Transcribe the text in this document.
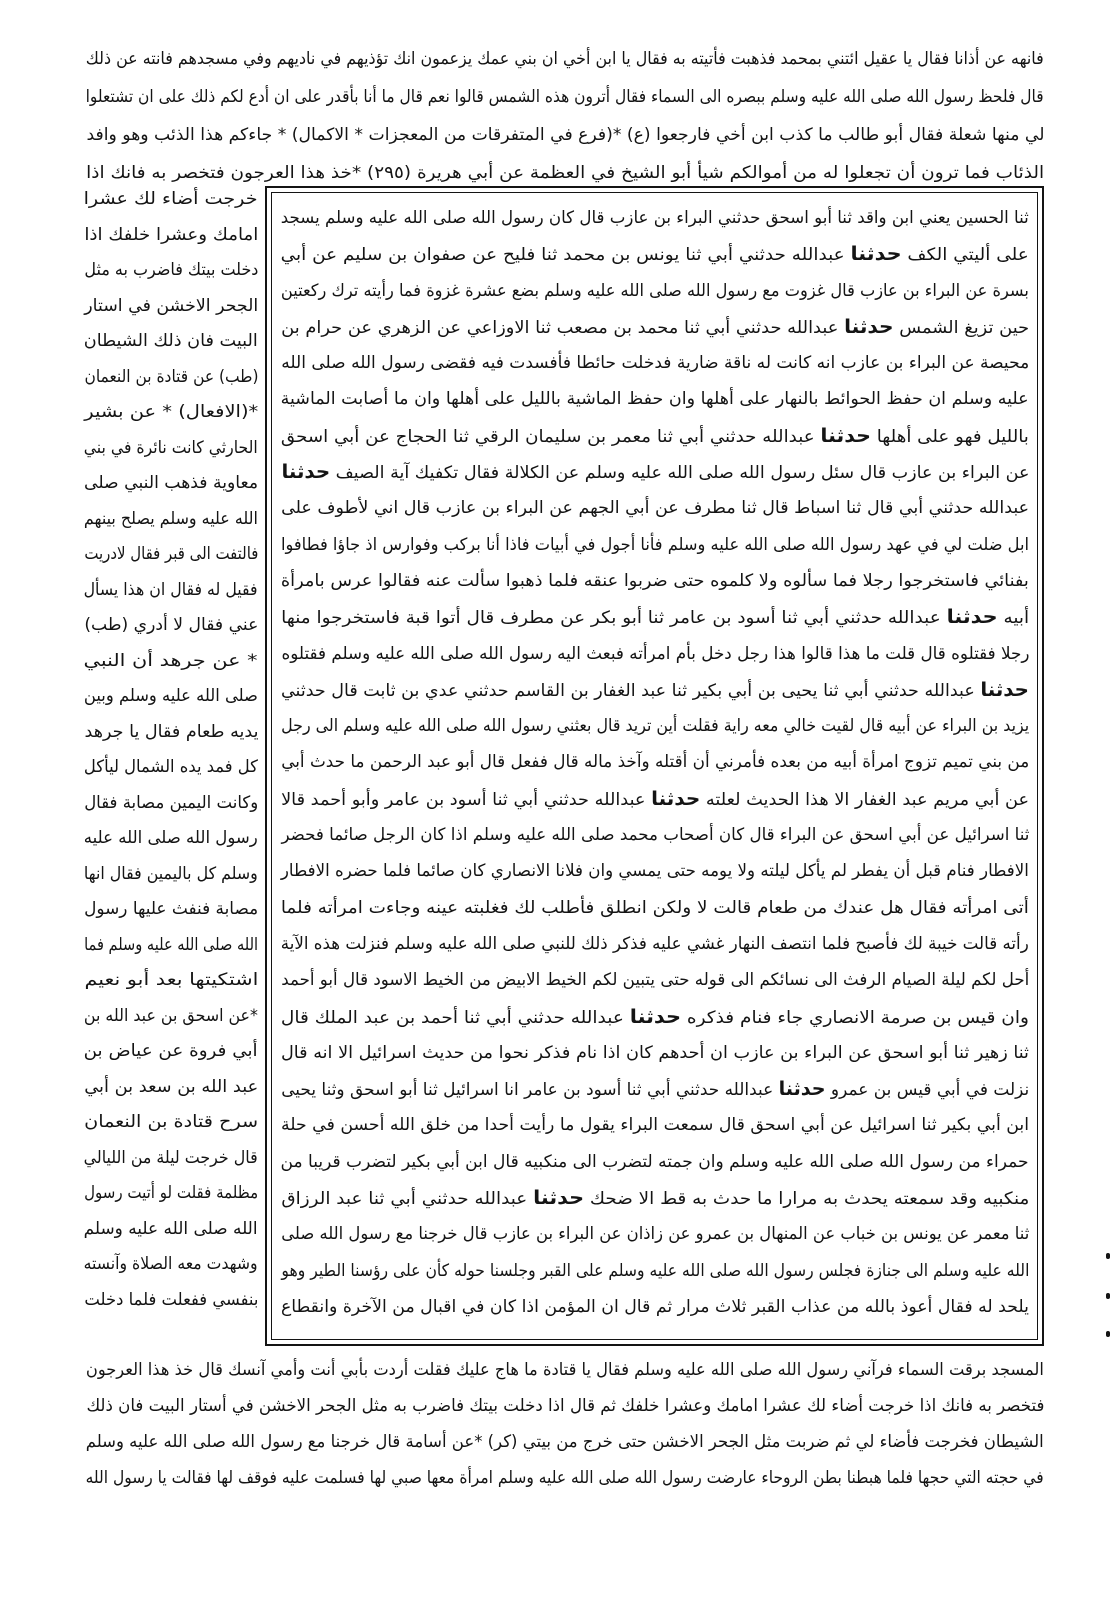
فانهه عن أذانا فقال يا عقيل ائتني بمحمد فذهبت فأتيته به فقال يا ابن أخي ان بني عمك يزعمون انك تؤذيهم في ناديهم وفي مسجدهم فانته عن ذلك
قال فلحظ رسول الله صلى الله عليه وسلم ببصره الى السماء فقال أترون هذه الشمس قالوا نعم قال ما أنا بأقدر على ان أدع لكم ذلك على ان تشتعلوا
لي منها شعلة فقال أبو طالب ما كذب ابن أخي فارجعوا (ع) *(فرع في المتفرقات من المعجزات * الاكمال) * جاءكم هذا الذئب وهو وافد
الذئاب فما ترون أن تجعلوا له من أموالكم شيأ أبو الشيخ في العظمة عن أبي هريرة (٢٩٥) *خذ هذا العرجون فتخصر به فانك اذا
ثنا الحسين يعني ابن واقد ثنا أبو اسحق حدثني البراء بن عازب قال كان رسول الله صلى الله عليه وسلم يسجد
على أليتي الكف حدثنا عبدالله حدثني أبي ثنا يونس بن محمد ثنا فليح عن صفوان بن سليم عن أبي
بسرة عن البراء بن عازب قال غزوت مع رسول الله صلى الله عليه وسلم بضع عشرة غزوة فما رأيته ترك ركعتين
حين تزيغ الشمس حدثنا عبدالله حدثني أبي ثنا محمد بن مصعب ثنا الاوزاعي عن الزهري عن حرام بن
محيصة عن البراء بن عازب انه كانت له ناقة ضارية فدخلت حائطا فأفسدت فيه فقضى رسول الله صلى الله
عليه وسلم ان حفظ الحوائط بالنهار على أهلها وان حفظ الماشية بالليل على أهلها وان ما أصابت الماشية
بالليل فهو على أهلها حدثنا عبدالله حدثني أبي ثنا معمر بن سليمان الرقي ثنا الحجاج عن أبي اسحق
عن البراء بن عازب قال سئل رسول الله صلى الله عليه وسلم عن الكلالة فقال تكفيك آية الصيف حدثنا
عبدالله حدثني أبي قال ثنا اسباط قال ثنا مطرف عن أبي الجهم عن البراء بن عازب قال اني لأطوف على
ابل ضلت لي في عهد رسول الله صلى الله عليه وسلم فأنا أجول في أبيات فاذا أنا بركب وفوارس اذ جاؤا فطافوا
بفنائي فاستخرجوا رجلا فما سألوه ولا كلموه حتى ضربوا عنقه فلما ذهبوا سألت عنه فقالوا عرس بامرأة
أبيه حدثنا عبدالله حدثني أبي ثنا أسود بن عامر ثنا أبو بكر عن مطرف قال أتوا قبة فاستخرجوا منها
رجلا فقتلوه قال قلت ما هذا قالوا هذا رجل دخل بأم امرأته فبعث اليه رسول الله صلى الله عليه وسلم فقتلوه
حدثنا عبدالله حدثني أبي ثنا يحيى بن أبي بكير ثنا عبد الغفار بن القاسم حدثني عدي بن ثابت قال حدثني
يزيد بن البراء عن أبيه قال لقيت خالي معه راية فقلت أين تريد قال بعثني رسول الله صلى الله عليه وسلم الى رجل
من بني تميم تزوج امرأة أبيه من بعده فأمرني أن أقتله وآخذ ماله قال ففعل قال أبو عبد الرحمن ما حدث أبي
عن أبي مريم عبد الغفار الا هذا الحديث لعلته حدثنا عبدالله حدثني أبي ثنا أسود بن عامر وأبو أحمد قالا
ثنا اسرائيل عن أبي اسحق عن البراء قال كان أصحاب محمد صلى الله عليه وسلم اذا كان الرجل صائما فحضر
الافطار فنام قبل أن يفطر لم يأكل ليلته ولا يومه حتى يمسي وان فلانا الانصاري كان صائما فلما حضره الافطار
أتى امرأته فقال هل عندك من طعام قالت لا ولكن انطلق فأطلب لك فغلبته عينه وجاءت امرأته فلما
رأته قالت خيبة لك فأصبح فلما انتصف النهار غشي عليه فذكر ذلك للنبي صلى الله عليه وسلم فنزلت هذه الآية
أحل لكم ليلة الصيام الرفث الى نسائكم الى قوله حتى يتبين لكم الخيط الابيض من الخيط الاسود قال أبو أحمد
وان قيس بن صرمة الانصاري جاء فنام فذكره حدثنا عبدالله حدثني أبي ثنا أحمد بن عبد الملك قال
ثنا زهير ثنا أبو اسحق عن البراء بن عازب ان أحدهم كان اذا نام فذكر نحوا من حديث اسرائيل الا انه قال
نزلت في أبي قيس بن عمرو حدثنا عبدالله حدثني أبي ثنا أسود بن عامر انا اسرائيل ثنا أبو اسحق وثنا يحيى
ابن أبي بكير ثنا اسرائيل عن أبي اسحق قال سمعت البراء يقول ما رأيت أحدا من خلق الله أحسن في حلة
حمراء من رسول الله صلى الله عليه وسلم وان جمته لتضرب الى منكبيه قال ابن أبي بكير لتضرب قريبا من
منكبيه وقد سمعته يحدث به مرارا ما حدث به قط الا ضحك حدثنا عبدالله حدثني أبي ثنا عبد الرزاق
ثنا معمر عن يونس بن خباب عن المنهال بن عمرو عن زاذان عن البراء بن عازب قال خرجنا مع رسول الله صلى
الله عليه وسلم الى جنازة فجلس رسول الله صلى الله عليه وسلم على القبر وجلسنا حوله كأن على رؤسنا الطير وهو
يلحد له فقال أعوذ بالله من عذاب القبر ثلاث مرار ثم قال ان المؤمن اذا كان في اقبال من الآخرة وانقطاع
خرجت أضاء لك عشرا
امامك وعشرا خلفك اذا
دخلت بيتك فاضرب به مثل
الجحر الاخشن في استار
البيت فان ذلك الشيطان
(طب) عن قتادة بن النعمان
*(الافعال) * عن بشير
الحارثي كانت نائرة في بني
معاوية فذهب النبي صلى
الله عليه وسلم يصلح بينهم
فالتفت الى قبر فقال لادريت
فقيل له فقال ان هذا يسأل
عني فقال لا أدري (طب)
* عن جرهد أن النبي
صلى الله عليه وسلم وبين
يديه طعام فقال يا جرهد
كل فمد يده الشمال ليأكل
وكانت اليمين مصابة فقال
رسول الله صلى الله عليه
وسلم كل باليمين فقال انها
مصابة فنفث عليها رسول
الله صلى الله عليه وسلم فما
اشتكيتها بعد أبو نعيم
*عن اسحق بن عبد الله بن
أبي فروة عن عياض بن
عبد الله بن سعد بن أبي
سرح قتادة بن النعمان
قال خرجت ليلة من الليالي
مظلمة فقلت لو أتيت رسول
الله صلى الله عليه وسلم
وشهدت معه الصلاة وآنسته
بنفسي ففعلت فلما دخلت
المسجد برقت السماء فرآني رسول الله صلى الله عليه وسلم فقال يا قتادة ما هاج عليك فقلت أردت بأبي أنت وأمي آنسك قال خذ هذا العرجون
فتخصر به فانك اذا خرجت أضاء لك عشرا امامك وعشرا خلفك ثم قال اذا دخلت بيتك فاضرب به مثل الجحر الاخشن في أستار البيت فان ذلك
الشيطان فخرجت فأضاء لي ثم ضربت مثل الجحر الاخشن حتى خرج من بيتي (كر) *عن أسامة قال خرجنا مع رسول الله صلى الله عليه وسلم
في حجته التي حجها فلما هبطنا بطن الروحاء عارضت رسول الله صلى الله عليه وسلم امرأة معها صبي لها فسلمت عليه فوقف لها فقالت يا رسول الله
